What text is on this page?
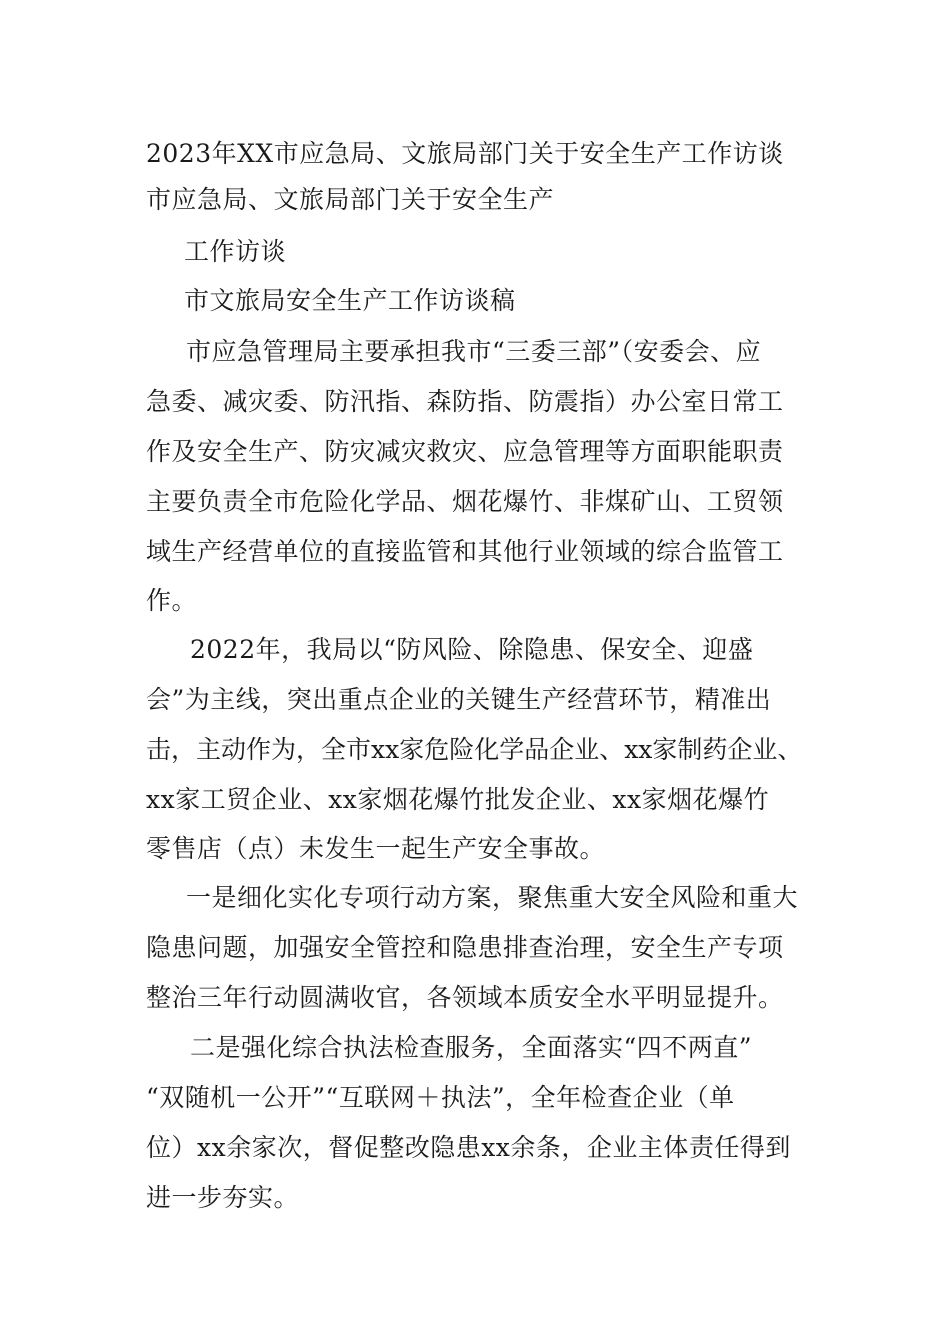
2023年XX市应急局、文旅局部门关于安全生产工作访谈
市应急局、文旅局部门关于安全生产
工作访谈
市文旅局安全生产工作访谈稿
市应急管理局主要承担我市“三委三部”（安委会、应
急委、减灾委、防汛指、森防指、防震指）办公室日常工
作及安全生产、防灾减灾救灾、应急管理等方面职能职责
主要负责全市危险化学品、烟花爆竹、非煤矿山、工贸领
域生产经营单位的直接监管和其他行业领域的综合监管工
作。
2022年，我局以“防风险、除隐患、保安全、迎盛
会”为主线，突出重点企业的关键生产经营环节，精准出
击，主动作为，全市xx家危险化学品企业、xx家制药企业、
xx家工贸企业、xx家烟花爆竹批发企业、xx家烟花爆竹
零售店（点）未发生一起生产安全事故。
一是细化实化专项行动方案，聚焦重大安全风险和重大
隐患问题，加强安全管控和隐患排查治理，安全生产专项
整治三年行动圆满收官，各领域本质安全水平明显提升。
二是强化综合执法检查服务，全面落实“四不两直”
“双随机一公开”“互联网＋执法”，全年检查企业（单
位）xx余家次，督促整改隐患xx余条，企业主体责任得到
进一步夯实。
